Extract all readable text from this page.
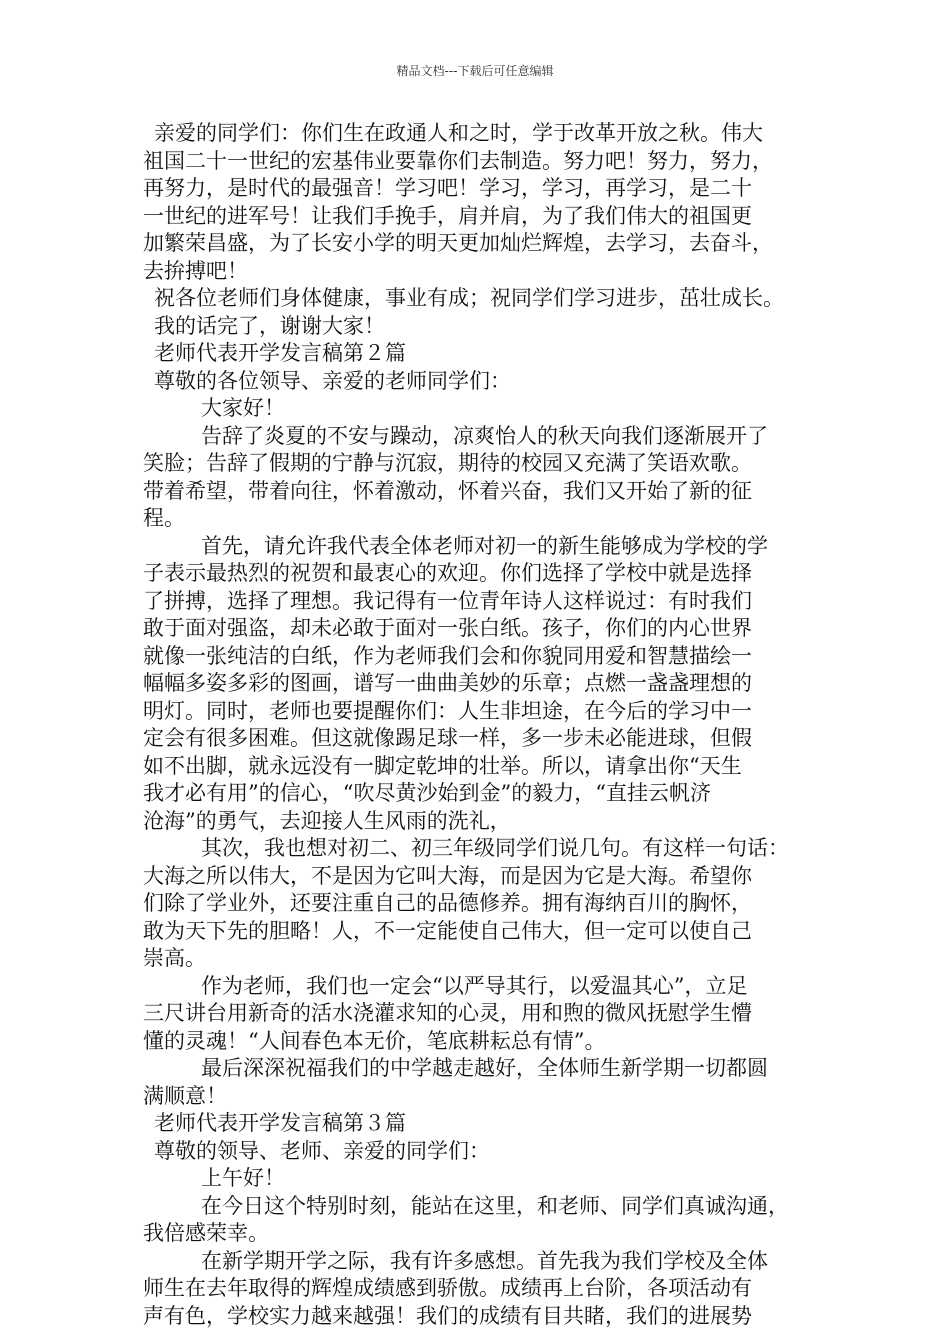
精品文档---下载后可任意编辑
亲爱的同学们：你们生在政通人和之时，学于改革开放之秋。伟大
祖国二十一世纪的宏基伟业要靠你们去制造。努力吧！努力，努力，
再努力，是时代的最强音！学习吧！学习，学习，再学习，是二十
一世纪的进军号！让我们手挽手，肩并肩，为了我们伟大的祖国更
加繁荣昌盛，为了长安小学的明天更加灿烂辉煌，去学习，去奋斗，
去拚搏吧！
祝各位老师们身体健康，事业有成；祝同学们学习进步，茁壮成长。
我的话完了，谢谢大家！
老师代表开学发言稿第２篇
尊敬的各位领导、亲爱的老师同学们：
大家好！
告辞了炎夏的不安与躁动，凉爽怡人的秋天向我们逐渐展开了
笑脸；告辞了假期的宁静与沉寂，期待的校园又充满了笑语欢歌。
带着希望，带着向往，怀着激动，怀着兴奋，我们又开始了新的征
程。
首先，请允许我代表全体老师对初一的新生能够成为学校的学
子表示最热烈的祝贺和最衷心的欢迎。你们选择了学校中就是选择
了拼搏，选择了理想。我记得有一位青年诗人这样说过：有时我们
敢于面对强盗，却未必敢于面对一张白纸。孩子，你们的内心世界
就像一张纯洁的白纸，作为老师我们会和你貌同用爱和智慧描绘一
幅幅多姿多彩的图画，谱写一曲曲美妙的乐章；点燃一盏盏理想的
明灯。同时，老师也要提醒你们：人生非坦途，在今后的学习中一
定会有很多困难。但这就像踢足球一样，多一步未必能进球，但假
如不出脚，就永远没有一脚定乾坤的壮举。所以，请拿出你“天生
我才必有用”的信心，“吹尽黄沙始到金”的毅力，“直挂云帆济
沧海”的勇气，去迎接人生风雨的洗礼，
其次，我也想对初二、初三年级同学们说几句。有这样一句话：
大海之所以伟大，不是因为它叫大海，而是因为它是大海。希望你
们除了学业外，还要注重自己的品德修养。拥有海纳百川的胸怀，
敢为天下先的胆略！人，不一定能使自己伟大，但一定可以使自己
崇高。
作为老师，我们也一定会“以严导其行，以爱温其心”，立足
三尺讲台用新奇的活水浇灌求知的心灵，用和煦的微风抚慰学生懵
懂的灵魂！“人间春色本无价，笔底耕耘总有情”。
最后深深祝福我们的中学越走越好，全体师生新学期一切都圆
满顺意！
老师代表开学发言稿第３篇
尊敬的领导、老师、亲爱的同学们：
上午好！
在今日这个特别时刻，能站在这里，和老师、同学们真诚沟通，
我倍感荣幸。
在新学期开学之际，我有许多感想。首先我为我们学校及全体
师生在去年取得的辉煌成绩感到骄傲。成绩再上台阶，各项活动有
声有色，学校实力越来越强！我们的成绩有目共睹，我们的进展势
